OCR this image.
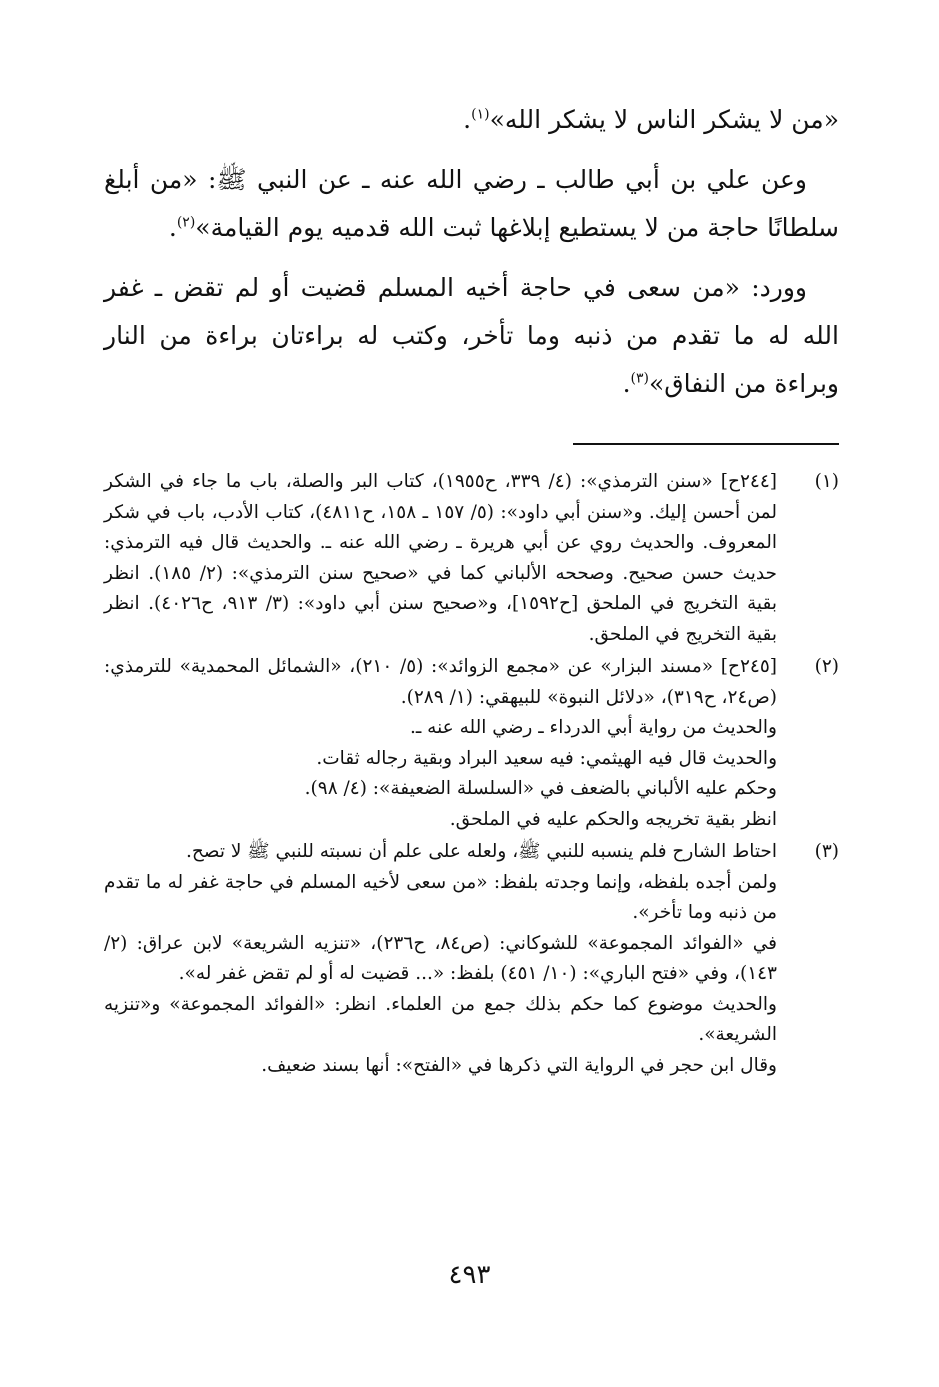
«من لا يشكر الناس لا يشكر الله»$^{(١)}$.

وعن علي بن أبي طالب ـ رضي الله عنه ـ عن النبي ﷺ: «من أبلغ سلطانًا حاجة من لا يستطيع إبلاغها ثبت الله قدميه يوم القيامة»$^{(٢)}$.

وورد: «من سعى في حاجة أخيه المسلم قضيت أو لم تقض ـ غفر الله له ما تقدم من ذنبه وما تأخر، وكتب له براءتان براءة من النار وبراءة من النفاق»$^{(٣)}$.

(١)

[٢٤٤ح] «سنن الترمذي»: (٤/ ٣٣٩، ح١٩٥٥)، كتاب البر والصلة، باب ما جاء في الشكر لمن أحسن إليك. و«سنن أبي داود»: (٥/ ١٥٧ ـ ١٥٨، ح٤٨١١)، كتاب الأدب، باب في شكر المعروف. والحديث روي عن أبي هريرة ـ رضي الله عنه ـ. والحديث قال فيه الترمذي: حديث حسن صحيح. وصححه الألباني كما في «صحيح سنن الترمذي»: (٢/ ١٨٥). انظر بقية التخريج في الملحق [ح١٥٩٢]، و«صحيح سنن أبي داود»: (٣/ ٩١٣، ح٤٠٢٦). انظر بقية التخريج في الملحق.

(٢)

[٢٤٥ح] «مسند البزار» عن «مجمع الزوائد»: (٥/ ٢١٠)، «الشمائل المحمدية» للترمذي: (ص٢٤، ح٣١٩)، «دلائل النبوة» للبيهقي: (١/ ٢٨٩).

والحديث من رواية أبي الدرداء ـ رضي الله عنه ـ.

والحديث قال فيه الهيثمي: فيه سعيد البراد وبقية رجاله ثقات.

وحكم عليه الألباني بالضعف في «السلسلة الضعيفة»: (٤/ ٩٨).

انظر بقية تخريجه والحكم عليه في الملحق.

(٣)

احتاط الشارح فلم ينسبه للنبي ﷺ، ولعله على علم أن نسبته للنبي ﷺ لا تصح.

ولمن أجده بلفظه، وإنما وجدته بلفظ: «من سعى لأخيه المسلم في حاجة غفر له ما تقدم من ذنبه وما تأخر».

في «الفوائد المجموعة» للشوكاني: (ص٨٤، ح٢٣٦)، «تنزيه الشريعة» لابن عراق: (٢/ ١٤٣)، وفي «فتح الباري»: (١٠/ ٤٥١) بلفظ: «... قضيت له أو لم تقض غفر له».

والحديث موضوع كما حكم بذلك جمع من العلماء. انظر: «الفوائد المجموعة» و«تنزيه الشريعة».

وقال ابن حجر في الرواية التي ذكرها في «الفتح»: أنها بسند ضعيف.

٤٩٣
